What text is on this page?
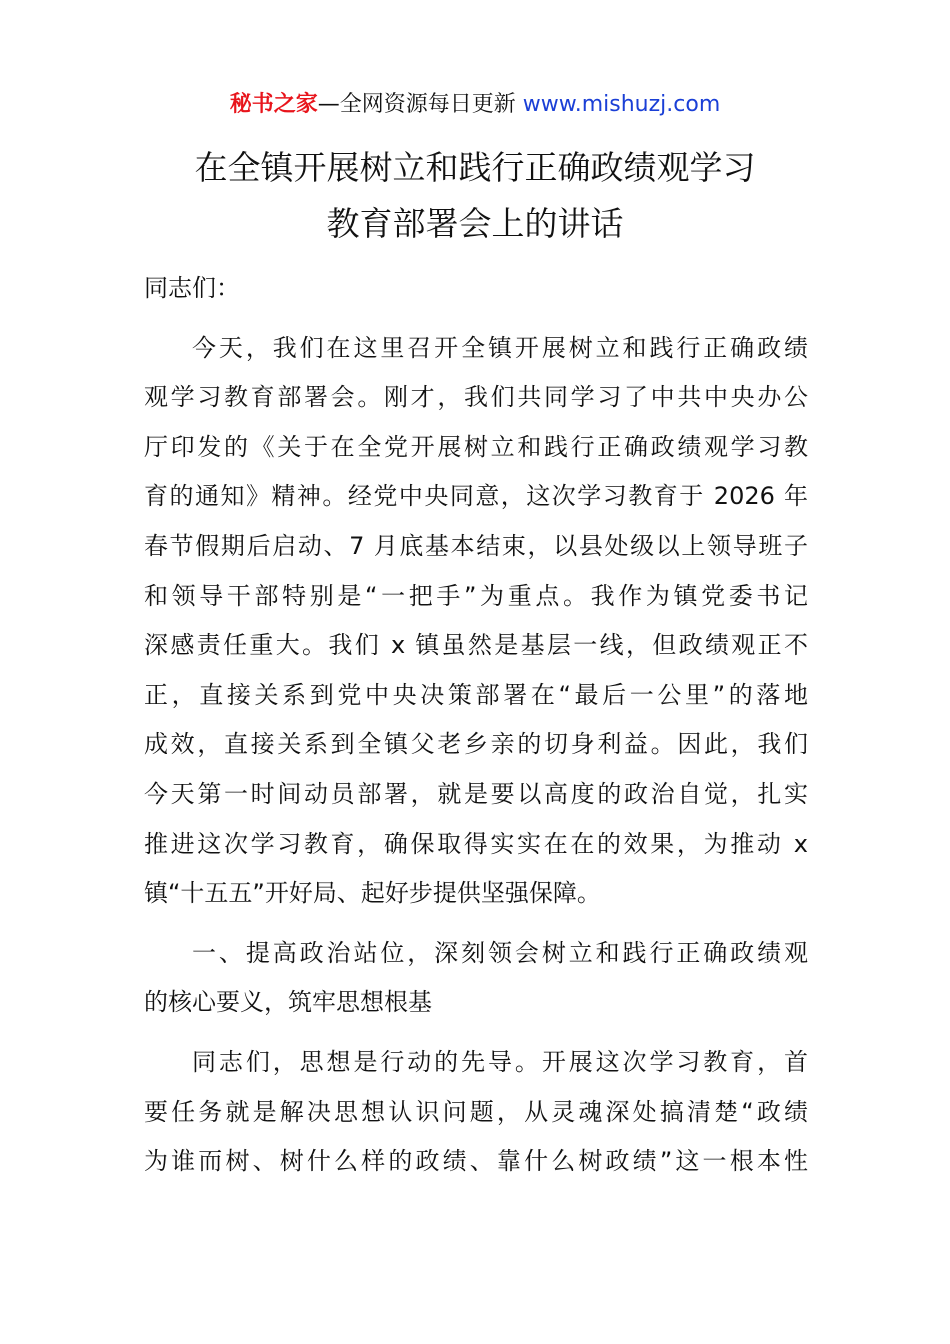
秘书之家—全网资源每日更新 www.mishuzj.com
在全镇开展树立和践行正确政绩观学习
教育部署会上的讲话
同志们：
今天，我们在这里召开全镇开展树立和践行正确政绩
观学习教育部署会。刚才，我们共同学习了中共中央办公
厅印发的《关于在全党开展树立和践行正确政绩观学习教
育的通知》精神。经党中央同意，这次学习教育于 2026 年
春节假期后启动、7 月底基本结束，以县处级以上领导班子
和领导干部特别是“一把手”为重点。我作为镇党委书记
深感责任重大。我们 x 镇虽然是基层一线，但政绩观正不
正，直接关系到党中央决策部署在“最后一公里”的落地
成效，直接关系到全镇父老乡亲的切身利益。因此，我们
今天第一时间动员部署，就是要以高度的政治自觉，扎实
推进这次学习教育，确保取得实实在在的效果，为推动 x
镇“十五五”开好局、起好步提供坚强保障。
一、提高政治站位，深刻领会树立和践行正确政绩观
的核心要义，筑牢思想根基
同志们，思想是行动的先导。开展这次学习教育，首
要任务就是解决思想认识问题，从灵魂深处搞清楚“政绩
为谁而树、树什么样的政绩、靠什么树政绩”这一根本性
